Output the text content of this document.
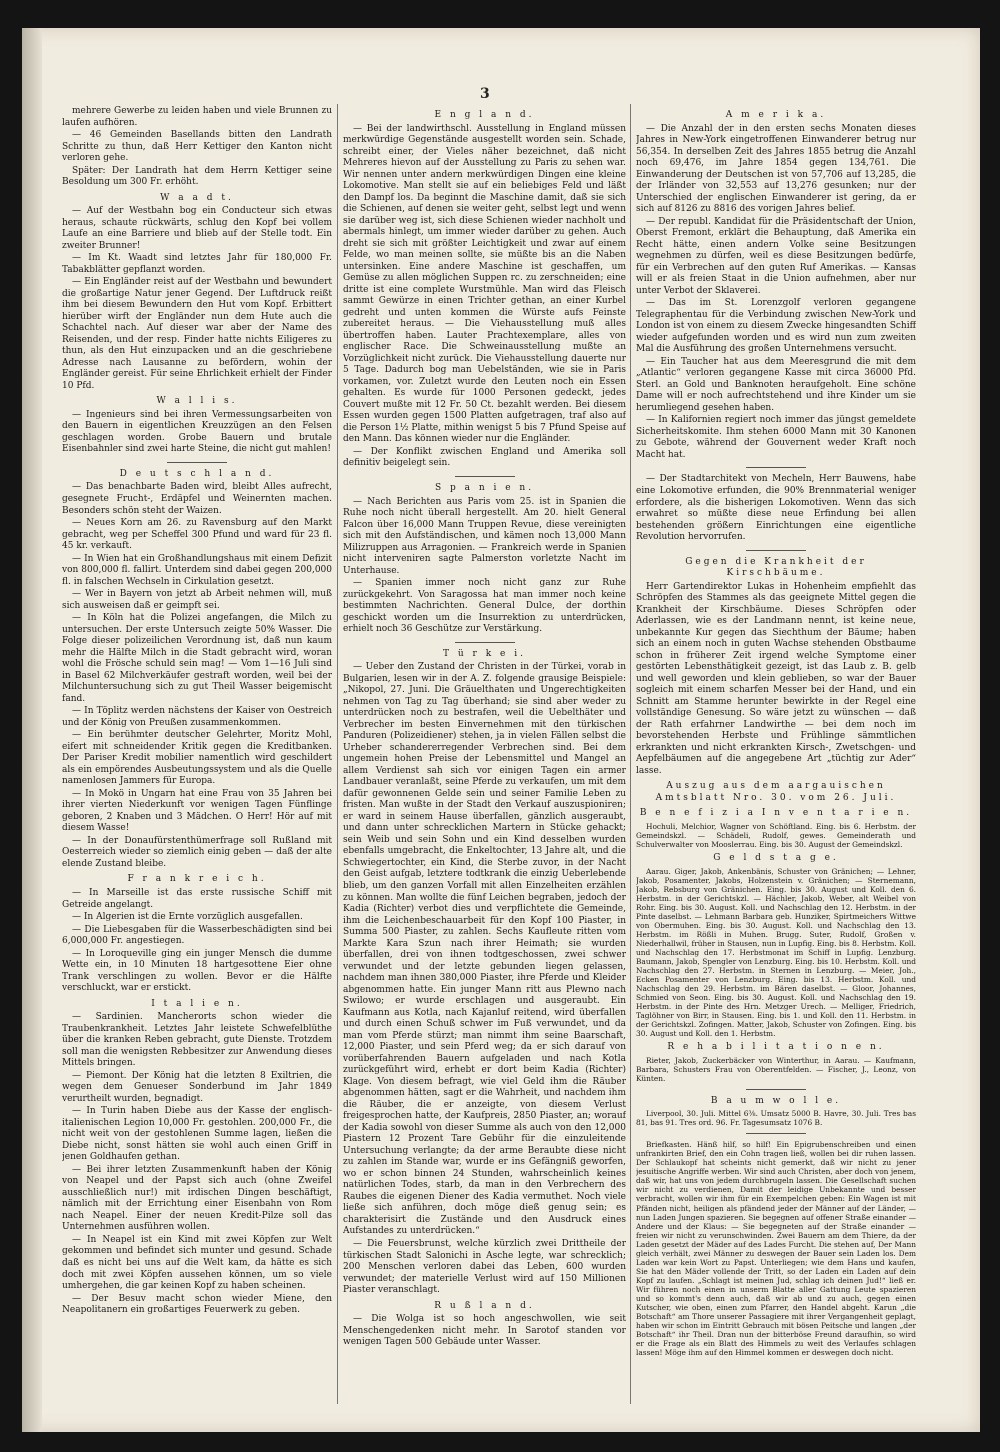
3
mehrere Gewerbe zu leiden haben und viele Brunnen zu laufen aufhören.
— 46 Gemeinden Basellands bitten den Landrath Schritte zu thun, daß Herr Kettiger den Kanton nicht verloren gehe.
Später: Der Landrath hat dem Herrn Kettiger seine Besoldung um 300 Fr. erhöht.
W a a d t.
— Auf der Westbahn bog ein Conducteur sich etwas heraus, schaute rückwärts, schlug den Kopf bei vollem Laufe an eine Barriere und blieb auf der Stelle todt. Ein zweiter Brunner!
— Im Kt. Waadt sind letztes Jahr für 180,000 Fr. Tabakblätter gepflanzt worden.
— Ein Engländer reist auf der Westbahn und bewundert die großartige Natur jener Gegend. Der Luftdruck reißt ihm bei diesem Bewundern den Hut vom Kopf. Erbittert hierüber wirft der Engländer nun dem Hute auch die Schachtel nach. Auf dieser war aber der Name des Reisenden, und der resp. Finder hatte nichts Eiligeres zu thun, als den Hut einzupacken und an die geschriebene Adresse nach Lausanne zu befördern, wohin der Engländer gereist. Für seine Ehrlichkeit erhielt der Finder 10 Pfd.
W a l l i s.
— Ingenieurs sind bei ihren Vermessungsarbeiten von den Bauern in eigentlichen Kreuzzügen an den Felsen geschlagen worden. Grobe Bauern und brutale Eisenbahnler sind zwei harte Steine, die nicht gut mahlen!
D e u t s c h l a n d.
— Das benachbarte Baden wird, bleibt Alles aufrecht, gesegnete Frucht-, Erdäpfel und Weinernten machen. Besonders schön steht der Waizen.
— Neues Korn am 26. zu Ravensburg auf den Markt gebracht, weg per Scheffel 300 Pfund und ward für 23 fl. 45 kr. verkauft.
— In Wien hat ein Großhandlungshaus mit einem Defizit von 800,000 fl. fallirt. Unterdem sind dabei gegen 200,000 fl. in falschen Wechseln in Cirkulation gesetzt.
— Wer in Bayern von jetzt ab Arbeit nehmen will, muß sich ausweisen daß er geimpft sei.
— In Köln hat die Polizei angefangen, die Milch zu untersuchen. Der erste Untersuch zeigte 50% Wasser. Die Folge dieser polizeilichen Verordnung ist, daß nun kaum mehr die Hälfte Milch in die Stadt gebracht wird, woran wohl die Frösche schuld sein mag! — Vom 1—16 Juli sind in Basel 62 Milchverkäufer gestraft worden, weil bei der Milchuntersuchung sich zu gut Theil Wasser beigemischt fand.
— In Töplitz werden nächstens der Kaiser von Oestreich und der König von Preußen zusammenkommen.
— Ein berühmter deutscher Gelehrter, Moritz Mohl, eifert mit schneidender Kritik gegen die Kreditbanken. Der Pariser Kredit mobilier namentlich wird geschildert als ein empörendes Ausbeutungssystem und als die Quelle namenlosen Jammers für Europa.
— In Mokö in Ungarn hat eine Frau von 35 Jahren bei ihrer vierten Niederkunft vor wenigen Tagen Fünflinge geboren, 2 Knaben und 3 Mädchen. O Herr! Hör auf mit diesem Wasse!
— In der Donaufürstenthümerfrage soll Rußland mit Oesterreich wieder so ziemlich einig geben — daß der alte elende Zustand bleibe.
F r a n k r e i c h.
— In Marseille ist das erste russische Schiff mit Getreide angelangt.
— In Algerien ist die Ernte vorzüglich ausgefallen.
— Die Liebesgaben für die Wasserbeschädigten sind bei 6,000,000 Fr. angestiegen.
— In Loroqueville ging ein junger Mensch die dumme Wette ein, in 10 Minuten 18 hartgesottene Eier ohne Trank verschlingen zu wollen. Bevor er die Hälfte verschluckt, war er erstickt.
I t a l i e n.
— Sardinien. Mancherorts schon wieder die Traubenkrankheit. Letztes Jahr leistete Schwefelblüthe über die kranken Reben gebracht, gute Dienste. Trotzdem soll man die wenigsten Rebbesitzer zur Anwendung dieses Mittels bringen.
— Piemont. Der König hat die letzten 8 Exiltrien, die wegen dem Genueser Sonderbund im Jahr 1849 verurtheilt wurden, begnadigt.
— In Turin haben Diebe aus der Kasse der englisch-italienischen Legion 10,000 Fr. gestohlen. 200,000 Fr., die nicht weit von der gestohlenen Summe lagen, ließen die Diebe nicht, sonst hätten sie wohl auch einen Griff in jenen Goldhaufen gethan.
— Bei ihrer letzten Zusammenkunft haben der König von Neapel und der Papst sich auch (ohne Zweifel ausschließlich nur!) mit irdischen Dingen beschäftigt, nämlich mit der Errichtung einer Eisenbahn von Rom nach Neapel. Einer der neuen Kredit-Pilze soll das Unternehmen ausführen wollen.
— In Neapel ist ein Kind mit zwei Köpfen zur Welt gekommen und befindet sich munter und gesund. Schade daß es nicht bei uns auf die Welt kam, da hätte es sich doch mit zwei Köpfen aussehen können, um so viele umhergehen, die gar keinen Kopf zu haben scheinen.
— Der Besuv macht schon wieder Miene, den Neapolitanern ein großartiges Feuerwerk zu geben.
E n g l a n d.
— Bei der landwirthschl. Ausstellung in England müssen merkwürdige Gegenstände ausgestellt worden sein. Schade, schreibt einer, der Vieles näher bezeichnet, daß nicht Mehreres hievon auf der Ausstellung zu Paris zu sehen war. Wir nennen unter andern merkwürdigen Dingen eine kleine Lokomotive. Man stellt sie auf ein beliebiges Feld und läßt den Dampf los. Da beginnt die Maschine damit, daß sie sich die Schienen, auf denen sie weiter geht, selbst legt und wenn sie darüber weg ist, sich diese Schienen wieder nachholt und abermals hinlegt, um immer wieder darüber zu gehen. Auch dreht sie sich mit größter Leichtigkeit und zwar auf einem Felde, wo man meinen sollte, sie müßte bis an die Naben untersinken. Eine andere Maschine ist geschaffen, um Gemüse zu allen möglichen Suppen rc. zu zerschneiden; eine dritte ist eine complete Wurstmühle. Man wird das Fleisch sammt Gewürze in einen Trichter gethan, an einer Kurbel gedreht und unten kommen die Würste aufs Feinste zubereitet heraus. — Die Viehausstellung muß alles übertroffen haben. Lauter Prachtexemplare, alles von englischer Race. Die Schweinausstellung mußte an Vorzüglichkeit nicht zurück. Die Viehausstellung dauerte nur 5 Tage. Dadurch bog man Uebelständen, wie sie in Paris vorkamen, vor. Zuletzt wurde den Leuten noch ein Essen gehalten. Es wurde für 1000 Personen gedeckt, jedes Couvert mußte mit 12 Fr. 50 Ct. bezahlt werden. Bei diesem Essen wurden gegen 1500 Platten aufgetragen, traf also auf die Person 1½ Platte, mithin wenigst 5 bis 7 Pfund Speise auf den Mann. Das können wieder nur die Engländer.
— Der Konflikt zwischen England und Amerika soll definitiv beigelegt sein.
S p a n i e n.
— Nach Berichten aus Paris vom 25. ist in Spanien die Ruhe noch nicht überall hergestellt. Am 20. hielt General Falcon über 16,000 Mann Truppen Revue, diese vereinigten sich mit den Aufständischen, und kämen noch 13,000 Mann Milizruppen aus Arragonien. — Frankreich werde in Spanien nicht interveniren sagte Palmerston vorletzte Nacht im Unterhause.
— Spanien immer noch nicht ganz zur Ruhe zurückgekehrt. Von Saragossa hat man immer noch keine bestimmten Nachrichten. General Dulce, der dorthin geschickt worden um die Insurrektion zu unterdrücken, erhielt noch 36 Geschütze zur Verstärkung.
T ü r k e i.
— Ueber den Zustand der Christen in der Türkei, vorab in Bulgarien, lesen wir in der A. Z. folgende grausige Beispiele: „Nikopol, 27. Juni. Die Gräuelthaten und Ungerechtigkeiten nehmen von Tag zu Tag überhand; sie sind aber weder zu unterdrücken noch zu bestrafen, weil die Uebelthäter und Verbrecher im besten Einvernehmen mit den türkischen Panduren (Polizeidiener) stehen, ja in vielen Fällen selbst die Urheber schandererregender Verbrechen sind. Bei dem ungemein hohen Preise der Lebensmittel und Mangel an allem Verdienst sah sich vor einigen Tagen ein armer Landbauer veranlaßt, seine Pferde zu verkaufen, um mit dem dafür gewonnenen Gelde sein und seiner Familie Leben zu fristen. Man wußte in der Stadt den Verkauf auszuspioniren; er ward in seinem Hause überfallen, gänzlich ausgeraubt, und dann unter schrecklichen Martern in Stücke gehackt; sein Weib und sein Sohn und ein Kind desselben wurden ebenfalls umgebracht, die Enkeltochter, 13 Jahre alt, und die Schwiegertochter, ein Kind, die Sterbe zuvor, in der Nacht den Geist aufgab, letztere todtkrank die einzig Ueberlebende blieb, um den ganzen Vorfall mit allen Einzelheiten erzählen zu können. Man wollte die fünf Leichen begraben, jedoch der Kadia (Richter) verbot dies und verpflichtete die Gemeinde, ihm die Leichenbeschauarbeit für den Kopf 100 Piaster, in Summa 500 Piaster, zu zahlen. Sechs Kaufleute ritten vom Markte Kara Szun nach ihrer Heimath; sie wurden überfallen, drei von ihnen todtgeschossen, zwei schwer verwundet und der letzte gebunden liegen gelassen, nachdem man ihnen 380,000 Piaster, ihre Pferde und Kleider abgenommen hatte. Ein junger Mann ritt aus Plewno nach Swilowo; er wurde erschlagen und ausgeraubt. Ein Kaufmann aus Kotla, nach Kajanluf reitend, wird überfallen und durch einen Schuß schwer im Fuß verwundet, und da man vom Pferde stürzt; man nimmt ihm seine Baarschaft, 12,000 Piaster, und sein Pferd weg; da er sich darauf von vorüberfahrenden Bauern aufgeladen und nach Kotla zurückgeführt wird, erhebt er dort beim Kadia (Richter) Klage. Von diesem befragt, wie viel Geld ihm die Räuber abgenommen hätten, sagt er die Wahrheit, und nachdem ihm die Räuber, die er anzeigte, von diesem Verlust freigesprochen hatte, der Kaufpreis, 2850 Piaster, an; worauf der Kadia sowohl von dieser Summe als auch von den 12,000 Piastern 12 Prozent Tare Gebühr für die einzuleitende Untersuchung verlangte; da der arme Beraubte diese nicht zu zahlen im Stande war, wurde er ins Gefängniß geworfen, wo er schon binnen 24 Stunden, wahrscheinlich keines natürlichen Todes, starb, da man in den Verbrechern des Raubes die eigenen Diener des Kadia vermuthet. Noch viele ließe sich anführen, doch möge dieß genug sein; es charakterisirt die Zustände und den Ausdruck eines Aufstandes zu unterdrücken.“
— Die Feuersbrunst, welche kürzlich zwei Drittheile der türkischen Stadt Salonichi in Asche legte, war schrecklich; 200 Menschen verloren dabei das Leben, 600 wurden verwundet; der materielle Verlust wird auf 150 Millionen Piaster veranschlagt.
R u ß l a n d.
— Die Wolga ist so hoch angeschwollen, wie seit Menschengedenken nicht mehr. In Sarotof standen vor wenigen Tagen 500 Gebäude unter Wasser.
A m e r i k a.
— Die Anzahl der in den ersten sechs Monaten dieses Jahres in New-York eingetroffenen Einwanderer betrug nur 56,354. In derselben Zeit des Jahres 1855 betrug die Anzahl noch 69,476, im Jahre 1854 gegen 134,761. Die Einwanderung der Deutschen ist von 57,706 auf 13,285, die der Irländer von 32,553 auf 13,276 gesunken; nur der Unterschied der englischen Einwanderer ist gering, da er sich auf 8126 zu 8816 des vorigen Jahres belief.
— Der republ. Kandidat für die Präsidentschaft der Union, Oberst Fremont, erklärt die Behauptung, daß Amerika ein Recht hätte, einen andern Volke seine Besitzungen wegnehmen zu dürfen, weil es diese Besitzungen bedürfe, für ein Verbrechen auf den guten Ruf Amerikas. — Kansas will er als freien Staat in die Union aufnehmen, aber nur unter Verbot der Sklaverei.
— Das im St. Lorenzgolf verloren gegangene Telegraphentau für die Verbindung zwischen New-York und London ist von einem zu diesem Zwecke hingesandten Schiff wieder aufgefunden worden und es wird nun zum zweiten Mal die Ausführung des großen Unternehmens versucht.
— Ein Taucher hat aus dem Meeresgrund die mit dem „Atlantic“ verloren gegangene Kasse mit circa 36000 Pfd. Sterl. an Gold und Banknoten heraufgeholt. Eine schöne Dame will er noch aufrechtstehend und ihre Kinder um sie herumliegend gesehen haben.
— In Kalifornien regiert noch immer das jüngst gemeldete Sicherheitskomite. Ihm stehen 6000 Mann mit 30 Kanonen zu Gebote, während der Gouvernent weder Kraft noch Macht hat.
— Der Stadtarchitekt von Mecheln, Herr Bauwens, habe eine Lokomotive erfunden, die 90% Brennmaterial weniger erfordere, als die bisherigen Lokomotiven. Wenn das sich erwahret so müßte diese neue Erfindung bei allen bestehenden größern Einrichtungen eine eigentliche Revolution hervorrufen.
Gegen die Krankheit der Kirschbäume.
Herr Gartendirektor Lukas in Hohenheim empfiehlt das Schröpfen des Stammes als das geeignete Mittel gegen die Krankheit der Kirschbäume. Dieses Schröpfen oder Aderlassen, wie es der Landmann nennt, ist keine neue, unbekannte Kur gegen das Siechthum der Bäume; haben sich an einem noch in guten Wachse stehenden Obstbaume schon in früherer Zeit irgend welche Symptome einer gestörten Lebensthätigkeit gezeigt, ist das Laub z. B. gelb und well geworden und klein geblieben, so war der Bauer sogleich mit einem scharfen Messer bei der Hand, und ein Schnitt am Stamme herunter bewirkte in der Regel eine vollständige Genesung. So wäre jetzt zu wünschen — daß der Rath erfahrner Landwirthe — bei dem noch im bevorstehenden Herbste und Frühlinge sämmtlichen erkrankten und nicht erkrankten Kirsch-, Zwetschgen- und Aepfelbäumen auf die angegebene Art „tüchtig zur Ader“ lasse.
Auszug aus dem aargauischen Amtsblatt Nro. 30. vom 26. Juli.
B e n e f i z i a I n v e n t a r i e n.
Hochuli, Melchior, Wagner von Schöftland. Eing. bis 6. Herbstm. der Gemeindskzl. — Schädeli, Rudolf, gewes. Gemeinderath und Schulverwalter von Mooslerrau. Eing. bis 30. August der Gemeindskzl.
G e l d s t a g e.
Aarau. Giger, Jakob, Ankenbänis, Schuster von Gränichen; — Lehner, Jakob, Posamenter, Jakobs, Holzenstein v. Gränichen; — Sternemann, Jakob, Rebsburg von Gränichen. Eing. bis 30. August und Koll. den 6. Herbstm. in der Gerichtskzl. — Hächler, Jakob, Weber, alt Weibel von Rohr. Eing. bis 30. August. Koll. und Nachschlag den 12. Herbstm. in der Pinte daselbst. — Lehmann Barbara geb. Hunziker, Spirtmeichers Wittwe von Obermuhen. Eing. bis 30. August. Koll. und Nachschlag den 13. Herbstm. im Rößli in Muhen. Brugg. Suter, Rudolf, Großen v. Niederhallwil, früher in Stausen, nun in Lupfig. Eing. bis 8. Herbstm. Koll. und Nachschlag den 17. Herbstmonat im Schiff in Lupfig. Lenzburg. Baumann, Jakob, Spengler von Lenzburg. Eing. bis 10. Herbstm. Koll. und Nachschlag den 27. Herbstm. in Sternen in Lenzburg. — Meier, Joh., Ecken Posamenter von Lenzburg. Eing. bis 13. Herbstm. Koll. und Nachschlag den 29. Herbstm. im Bären daselbst. — Gloor, Johannes, Schmied von Seon. Eing. bis 30. August. Koll. und Nachschlag den 19. Herbstm. in der Pinte des Hrn. Metzger Urech. — Melliger, Friedrich, Taglöhner von Birr, in Stausen. Eing. bis 1. und Koll. den 11. Herbstm. in der Gerichtskzl. Zofingen. Matter, Jakob, Schuster von Zofingen. Eing. bis 30. August und Koll. den 1. Herbstm.
R e h a b i l i t a t i o n e n.
Rieter, Jakob, Zuckerbäcker von Winterthur, in Aarau. — Kaufmann, Barbara, Schusters Frau von Oberentfelden. — Fischer, J., Leonz, von Künten.
B a u m w o l l e.
Liverpool, 30. Juli. Mittel 6⅜. Umsatz 5000 B. Havre, 30. Juli. Tres bas 81, bas 91. Tres ord. 96. Fr. Tagesumsatz 1076 B.
Briefkasten. Hänß hilf, so hilf! Ein Epigrubenschreiben und einen unfrankirten Brief, den ein Cohn tragen ließ, wollen bei dir ruhen lassen. Der Schlaukopf hat scheints nicht gemerkt, daß wir nicht zu jener jesuitische Angriffe werben. Wir sind auch Christen, aber doch von jenem, daß wir, hat uns von jedem durchbrugeln lassen. Die Gesellschaft suchen wir nicht zu verdienen, Damit der leidige Unbekannte und besser verbracht, wollen wir ihm für ein Exempelchen geben: Ein Wagen ist mit Pfänden nicht, heiligen als pfändend jeder der Männer auf der Länder, — nun Laden Jungen spazieren. Sie begegnen auf offener Straße einander — Andere und der Klaus: — Sie begegneten auf der Straße einander — freien wir nicht zu verunschwinden. Zwei Bauern am dem Thiere, da der Laden gesetzt der Mäder auf des Lades Furcht. Die stehen auf, Der Mann gleich verhält, zwei Männer zu deswegen der Bauer sein Laden los. Dem Laden war kein Wort zu Papst. Unterliegen; wie dem Hans und kaufen, Sie hat den Mäder vollende der Tritt, so der Laden ein Laden auf dein Kopf zu laufen. „Schlagt ist meinen Jud, schlag ich deinen Jud!“ ließ er. Wir führen noch einen in unserm Blatte aller Gattung Leute spazieren und so kommt's denn auch, daß wir ab und zu auch, gegen einen Kutscher, wie oben, einen zum Pfarrer, den Handel abgeht. Karun „die Botschaft“ am Thore unserer Passagiere mit ihrer Vergangenheit geplagt, haben wir schon im Eintritt Gebrauch mit bösen Peitsche und langen „der Botschaft“ ihr Theil. Dran nun der bitterböse Freund daraufhin, so wird er die Frage als ein Blatt des Himmels zu weit des Verlaufes schlagen lassen! Möge ihm auf den Himmel kommen er deswegen doch nicht.
